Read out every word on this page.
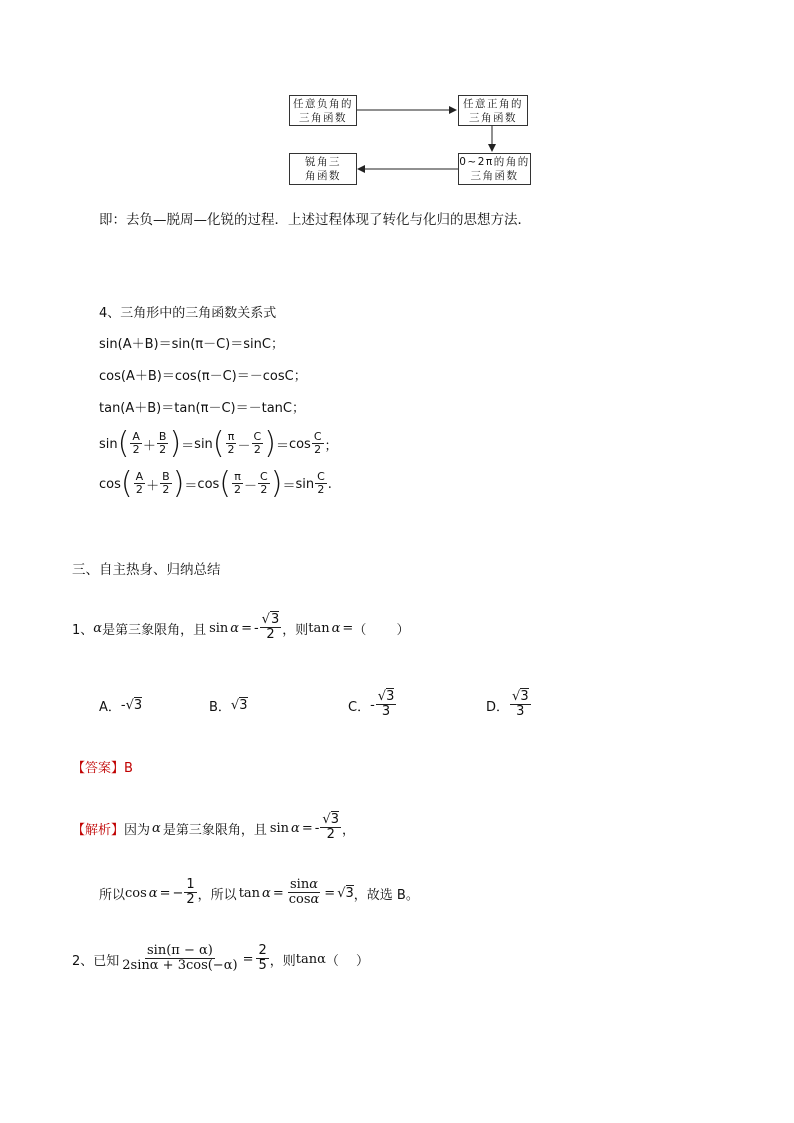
任意负角的
三角函数
任意正角的
三角函数
0~2π的角的
三角函数
锐角三
角函数
即：去负—脱周—化锐的过程．上述过程体现了转化与化归的思想方法．
4、三角形中的三角函数关系式
sin(A＋B)＝sin(π－C)＝sinC；
cos(A＋B)＝cos(π－C)＝－cosC；
tan(A＋B)＝tan(π－C)＝－tanC；
sin ( $\frac{A}{2} + \frac{B}{2}$ ) ＝ sin ( $\frac{\pi}{2} - \frac{C}{2}$ ) ＝ $\cos \frac{C}{2}$ ；
cos ( $\frac{A}{2} + \frac{B}{2}$ ) ＝ cos ( $\frac{\pi}{2} - \frac{C}{2}$ ) ＝ $\sin \frac{C}{2}$ .
三、自主热身、归纳总结
1、 α 是第三象限角，且 sin α = - $\frac{√3}{2}$ ，则 tan α = （ 　　）
A． - √ 3	B． √ 3	C． - $\frac{√3}{3}$	D． $\frac{√3}{3}$
【答案】B
【解析】 因为 α 是第三象限角，且 sin α = - $\frac{√3}{2}$ ，
所以 cos α = − $\frac{1}{2}$ ，所以 $\tan \alpha = \frac{\sin\alpha}{\cos\alpha}$ = √ 3 ，故选 B。
2、已知 $\frac{\sin(\pi - \alpha)}{2\sin\alpha + 3\cos(-\alpha)} = \frac{2}{5}$ ，则 tanα （ 　）
